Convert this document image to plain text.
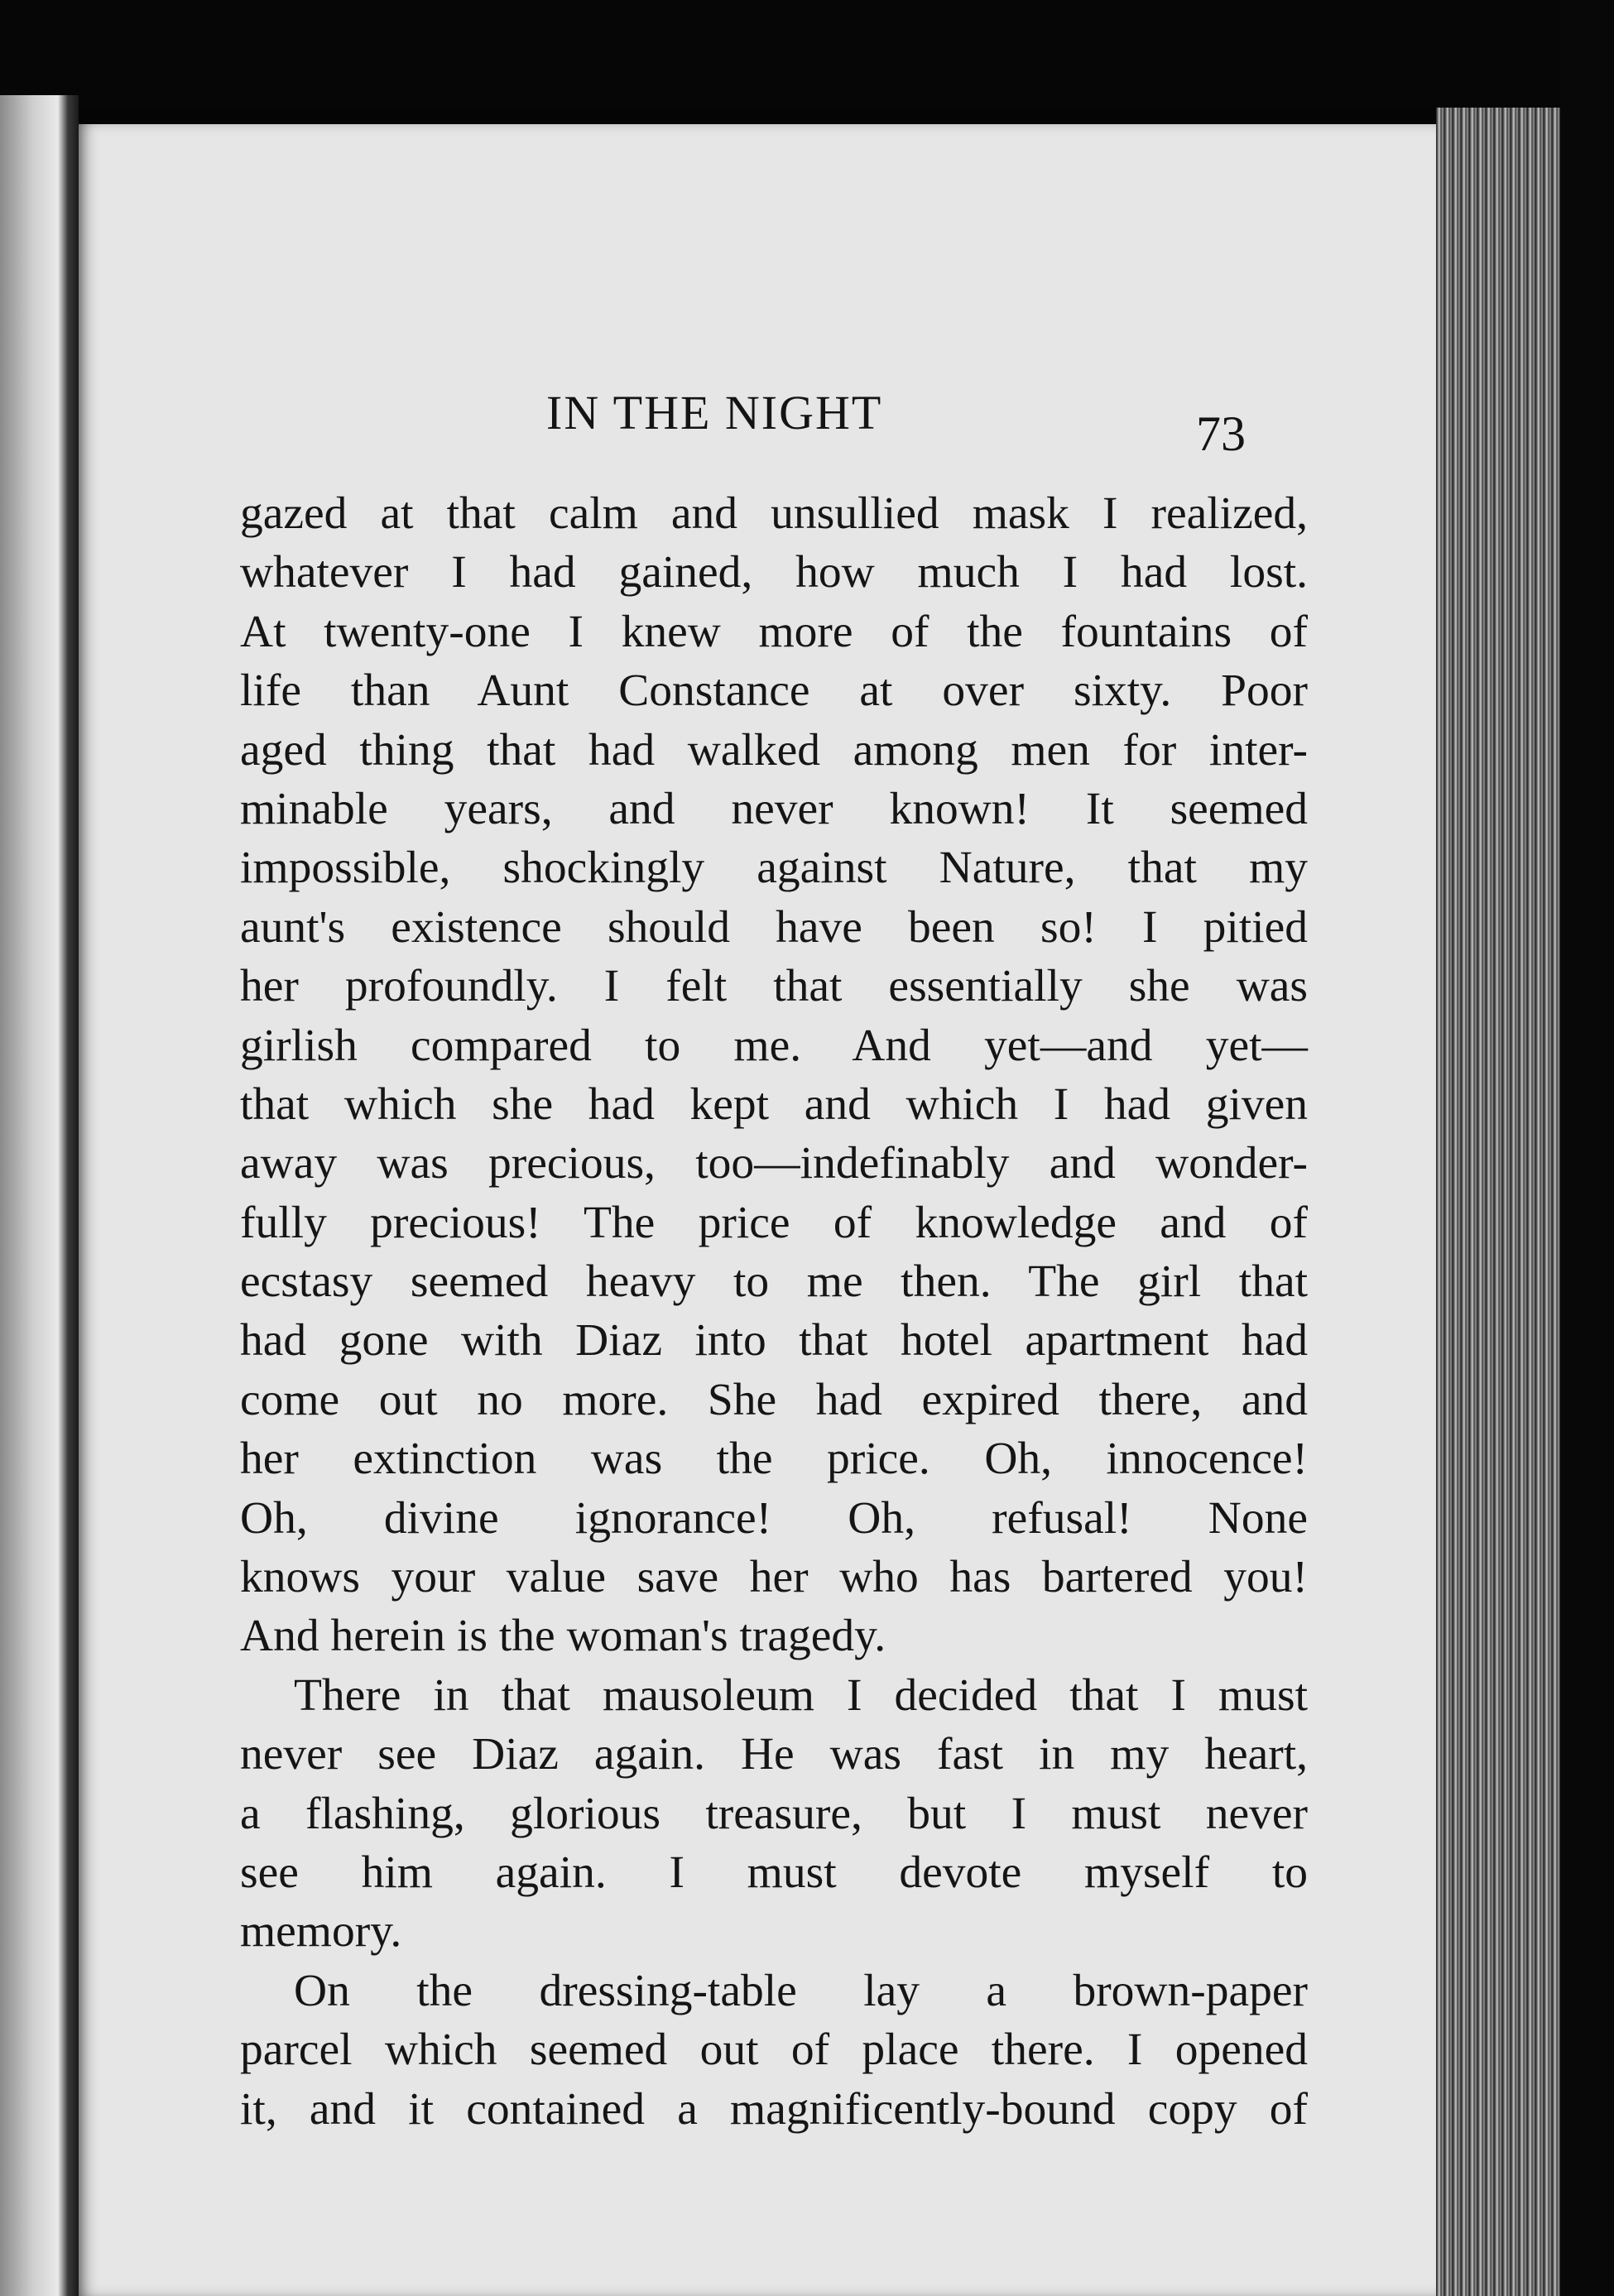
IN THE NIGHT	73
gazed at that calm and unsullied mask I realized,
whatever I had gained, how much I had lost.
At twenty-one I knew more of the fountains of
life than Aunt Constance at over sixty. Poor
aged thing that had walked among men for inter-
minable years, and never known! It seemed
impossible, shockingly against Nature, that my
aunt's existence should have been so! I pitied
her profoundly. I felt that essentially she was
girlish compared to me. And yet—and yet—
that which she had kept and which I had given
away was precious, too—indefinably and wonder-
fully precious! The price of knowledge and of
ecstasy seemed heavy to me then. The girl that
had gone with Diaz into that hotel apartment had
come out no more. She had expired there, and
her extinction was the price. Oh, innocence!
Oh, divine ignorance! Oh, refusal! None
knows your value save her who has bartered you!
And herein is the woman's tragedy.
There in that mausoleum I decided that I must
never see Diaz again. He was fast in my heart,
a flashing, glorious treasure, but I must never
see him again. I must devote myself to
memory.
On the dressing-table lay a brown-paper
parcel which seemed out of place there. I opened
it, and it contained a magnificently-bound copy of
